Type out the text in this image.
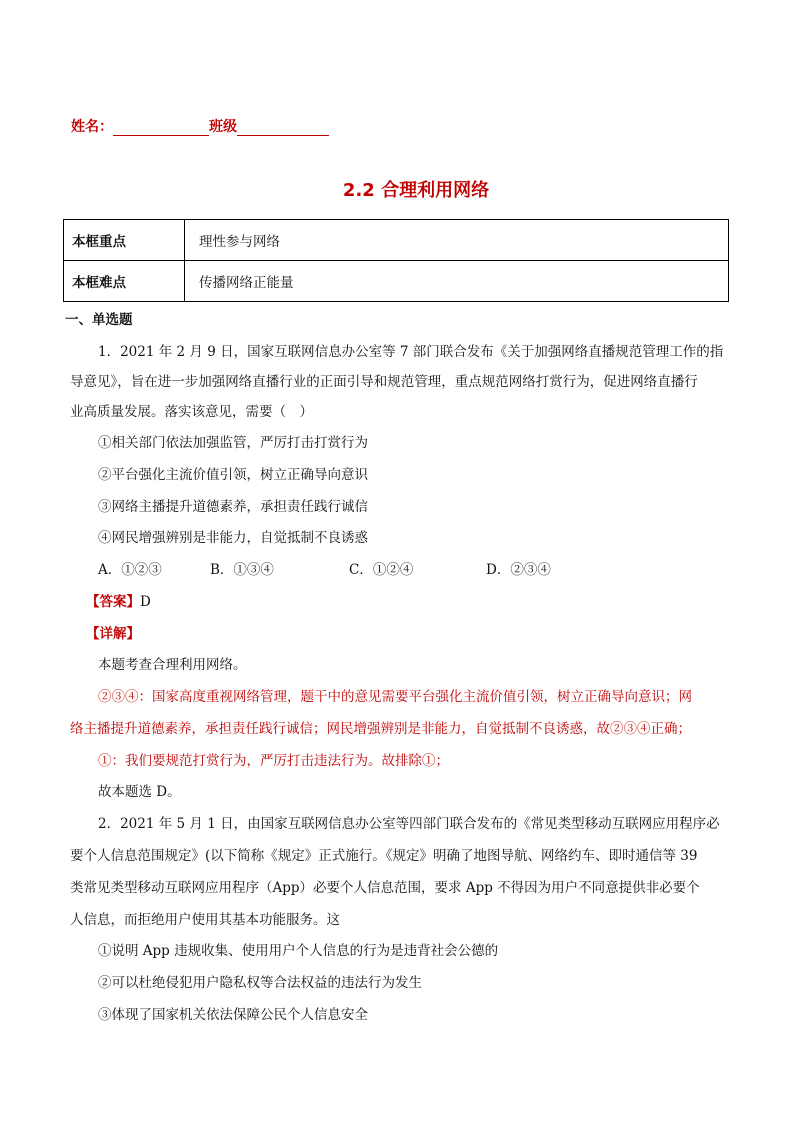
姓名：	班级
2.2 合理利用网络
本框重点	理性参与网络
本框难点	传播网络正能量
一、单选题
1．2021 年 2 月 9 日，国家互联网信息办公室等 7 部门联合发布《关于加强网络直播规范管理工作的指
导意见》，旨在进一步加强网络直播行业的正面引导和规范管理，重点规范网络打赏行为，促进网络直播行
业高质量发展。落实该意见，需要（　）
①相关部门依法加强监管，严厉打击打赏行为
②平台强化主流价值引领，树立正确导向意识
③网络主播提升道德素养，承担责任践行诚信
④网民增强辨别是非能力，自觉抵制不良诱惑
A．①②③	B．①③④	C．①②④	D．②③④
【答案】D
【详解】
本题考查合理利用网络。
②③④：国家高度重视网络管理，题干中的意见需要平台强化主流价值引领，树立正确导向意识；网
络主播提升道德素养，承担责任践行诚信；网民增强辨别是非能力，自觉抵制不良诱惑，故②③④正确；
①：我们要规范打赏行为，严厉打击违法行为。故排除①；
故本题选 D。
2．2021 年 5 月 1 日，由国家互联网信息办公室等四部门联合发布的《常见类型移动互联网应用程序必
要个人信息范围规定》(以下简称《规定》正式施行。《规定》明确了地图导航、网络约车、即时通信等 39
类常见类型移动互联网应用程序（App）必要个人信息范围，要求 App 不得因为用户不同意提供非必要个
人信息，而拒绝用户使用其基本功能服务。这
①说明 App 违规收集、使用用户个人信息的行为是违背社会公德的
②可以杜绝侵犯用户隐私权等合法权益的违法行为发生
③体现了国家机关依法保障公民个人信息安全
